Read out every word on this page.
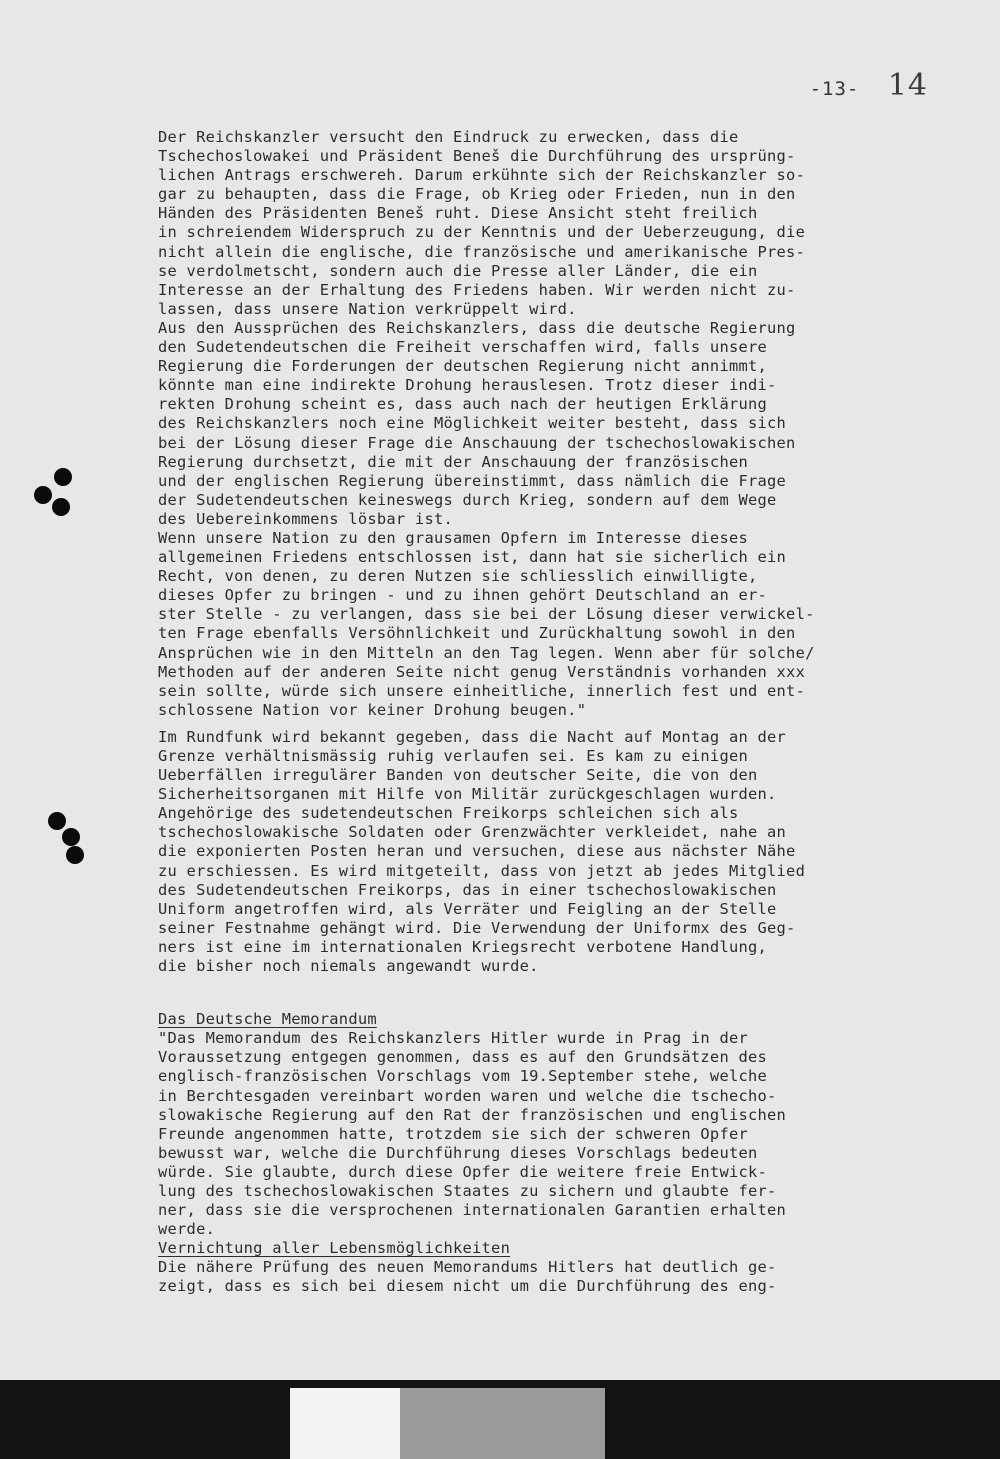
-13- 14
Der Reichskanzler versucht den Eindruck zu erwecken, dass die
Tschechoslowakei und Präsident Beneš die Durchführung des ursprüng-
lichen Antrags erschwereh. Darum erkühnte sich der Reichskanzler so-
gar zu behaupten, dass die Frage, ob Krieg oder Frieden, nun in den
Händen des Präsidenten Beneš ruht. Diese Ansicht steht freilich
in schreiendem Widerspruch zu der Kenntnis und der Ueberzeugung, die
nicht allein die englische, die französische und amerikanische Pres-
se verdolmetscht, sondern auch die Presse aller Länder, die ein
Interesse an der Erhaltung des Friedens haben. Wir werden nicht zu-
lassen, dass unsere Nation verkrüppelt wird.
Aus den Aussprüchen des Reichskanzlers, dass die deutsche Regierung
den Sudetendeutschen die Freiheit verschaffen wird, falls unsere
Regierung die Forderungen der deutschen Regierung nicht annimmt,
könnte man eine indirekte Drohung herauslesen. Trotz dieser indi-
rekten Drohung scheint es, dass auch nach der heutigen Erklärung
des Reichskanzlers noch eine Möglichkeit weiter besteht, dass sich
bei der Lösung dieser Frage die Anschauung der tschechoslowakischen
Regierung durchsetzt, die mit der Anschauung der französischen
und der englischen Regierung übereinstimmt, dass nämlich die Frage
der Sudetendeutschen keineswegs durch Krieg, sondern auf dem Wege
des Uebereinkommens lösbar ist.
Wenn unsere Nation zu den grausamen Opfern im Interesse dieses
allgemeinen Friedens entschlossen ist, dann hat sie sicherlich ein
Recht, von denen, zu deren Nutzen sie schliesslich einwilligte,
dieses Opfer zu bringen - und zu ihnen gehört Deutschland an er-
ster Stelle - zu verlangen, dass sie bei der Lösung dieser verwickel-
ten Frage ebenfalls Versöhnlichkeit und Zurückhaltung sowohl in den
Ansprüchen wie in den Mitteln an den Tag legen. Wenn aber für solche/
Methoden auf der anderen Seite nicht genug Verständnis vorhanden xxx
sein sollte, würde sich unsere einheitliche, innerlich fest und ent-
schlossene Nation vor keiner Drohung beugen."
Im Rundfunk wird bekannt gegeben, dass die Nacht auf Montag an der
Grenze verhältnismässig ruhig verlaufen sei. Es kam zu einigen
Ueberfällen irregulärer Banden von deutscher Seite, die von den
Sicherheitsorganen mit Hilfe von Militär zurückgeschlagen wurden.
Angehörige des sudetendeutschen Freikorps schleichen sich als
tschechoslowakische Soldaten oder Grenzwächter verkleidet, nahe an
die exponierten Posten heran und versuchen, diese aus nächster Nähe
zu erschiessen. Es wird mitgeteilt, dass von jetzt ab jedes Mitglied
des Sudetendeutschen Freikorps, das in einer tschechoslowakischen
Uniform angetroffen wird, als Verräter und Feigling an der Stelle
seiner Festnahme gehängt wird. Die Verwendung der Uniformx des Geg-
ners ist eine im internationalen Kriegsrecht verbotene Handlung,
die bisher noch niemals angewandt wurde.
Das Deutsche Memorandum
"Das Memorandum des Reichskanzlers Hitler wurde in Prag in der
Voraussetzung entgegen genommen, dass es auf den Grundsätzen des
englisch-französischen Vorschlags vom 19.September stehe, welche
in Berchtesgaden vereinbart worden waren und welche die tschecho-
slowakische Regierung auf den Rat der französischen und englischen
Freunde angenommen hatte, trotzdem sie sich der schweren Opfer
bewusst war, welche die Durchführung dieses Vorschlags bedeuten
würde. Sie glaubte, durch diese Opfer die weitere freie Entwick-
lung des tschechoslowakischen Staates zu sichern und glaubte fer-
ner, dass sie die versprochenen internationalen Garantien erhalten
werde.
Vernichtung aller Lebensmöglichkeiten
Die nähere Prüfung des neuen Memorandums Hitlers hat deutlich ge-
zeigt, dass es sich bei diesem nicht um die Durchführung des eng-
